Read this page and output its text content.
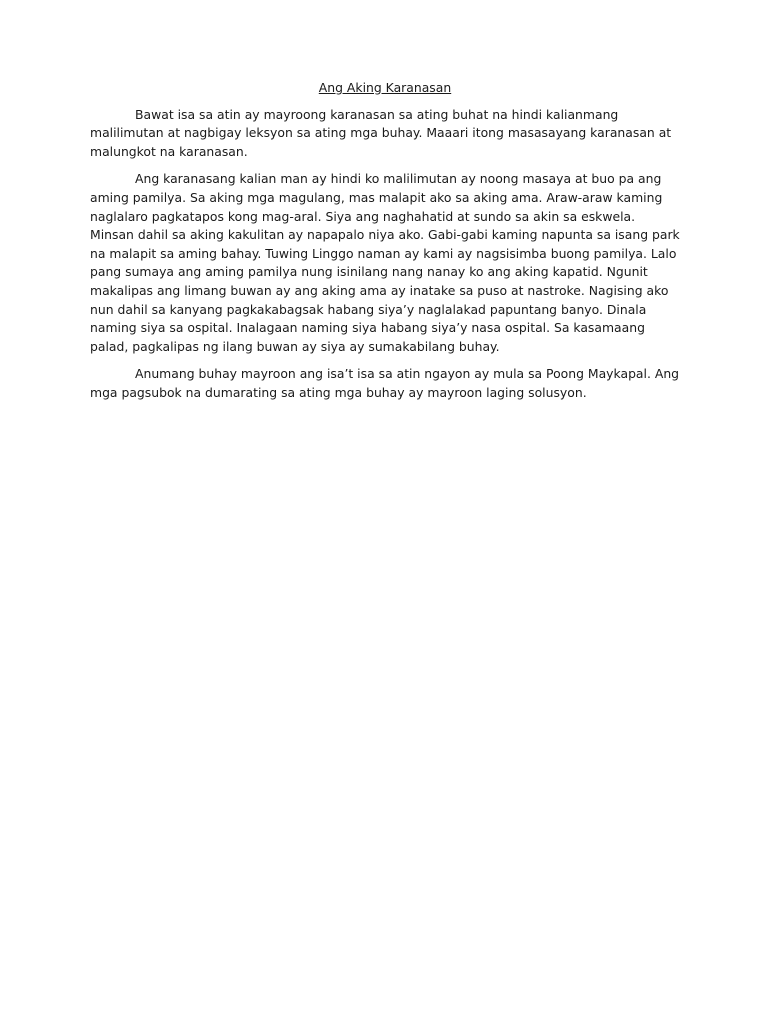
Ang Aking Karanasan

Bawat isa sa atin ay mayroong karanasan sa ating buhat na hindi kalianmang malilimutan at nagbigay leksyon sa ating mga buhay. Maaari itong masasayang karanasan at malungkot na karanasan.

Ang karanasang kalian man ay hindi ko malilimutan ay noong masaya at buo pa ang aming pamilya. Sa aking mga magulang, mas malapit ako sa aking ama. Araw-araw kaming naglalaro pagkatapos kong mag-aral. Siya ang naghahatid at sundo sa akin sa eskwela. Minsan dahil sa aking kakulitan ay napapalo niya ako. Gabi-gabi kaming napunta sa isang park na malapit sa aming bahay. Tuwing Linggo naman ay kami ay nagsisimba buong pamilya. Lalo pang sumaya ang aming pamilya nung isinilang nang nanay ko ang aking kapatid. Ngunit makalipas ang limang buwan ay ang aking ama ay inatake sa puso at nastroke. Nagising ako nun dahil sa kanyang pagkakabagsak habang siya’y naglalakad papuntang banyo. Dinala naming siya sa ospital. Inalagaan naming siya habang siya’y nasa ospital. Sa kasamaang palad, pagkalipas ng ilang buwan ay siya ay sumakabilang buhay.

Anumang buhay mayroon ang isa’t isa sa atin ngayon ay mula sa Poong Maykapal. Ang mga pagsubok na dumarating sa ating mga buhay ay mayroon laging solusyon.
